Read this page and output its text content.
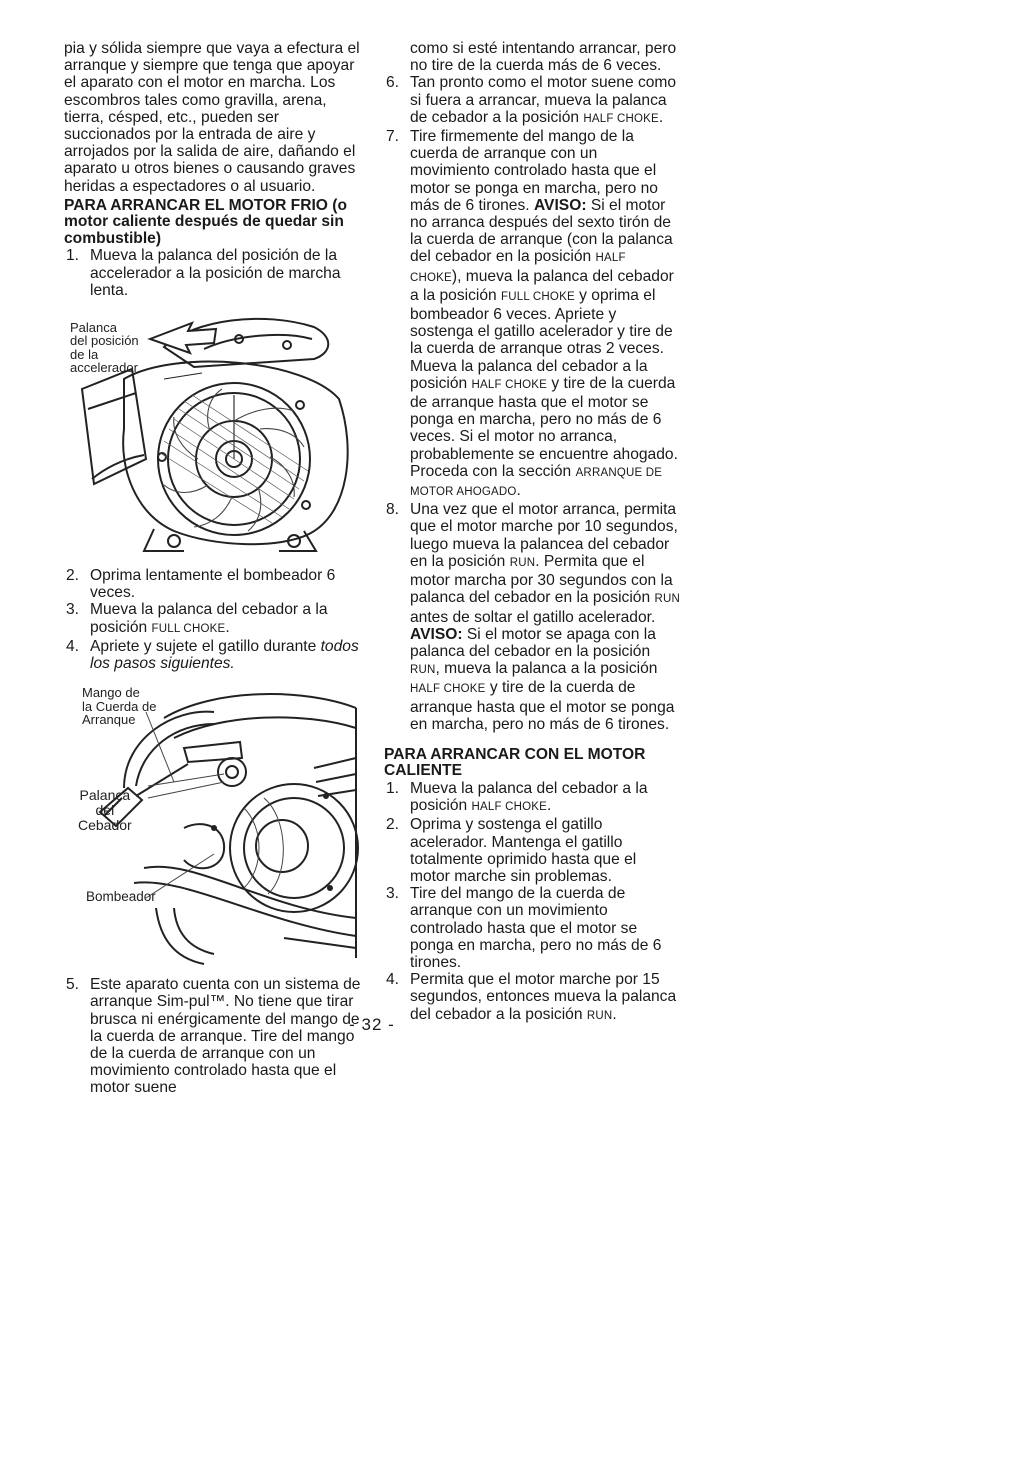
pia y sólida siempre que vaya a efectura el arranque y siempre que tenga que apoyar el aparato con el motor en marcha. Los escombros tales como gravilla, arena, tierra, césped, etc., pueden ser succionados por la entrada de aire y arrojados por la salida de aire, dañando el aparato u otros bienes o causando graves heridas a espectadores o al usuario.

PARA ARRANCAR EL MOTOR FRIO (o motor caliente después de quedar sin combustible)

1. Mueva la palanca del posición de la accelerador a la posición de marcha lenta.
Palanca
del posición
de la
accelerador
2. Oprima lentamente el bombeador 6 veces.
3. Mueva la palanca del cebador a la posición FULL CHOKE.
4. Apriete y sujete el gatillo durante todos los pasos siguientes.
Mango de
la Cuerda de
Arranque
Palanca
del
Cebador
Bombeador
5. Este aparato cuenta con un sistema de arranque Sim-pul™. No tiene que tirar brusca ni enérgicamente del mango de la cuerda de arranque. Tire del mango de la cuerda de arranque con un movimiento controlado hasta que el motor suene
como si esté intentando arrancar, pero no tire de la cuerda más de 6 veces.
6. Tan pronto como el motor suene como si fuera a arrancar, mueva la palanca de cebador a la posición HALF CHOKE.
7. Tire firmemente del mango de la cuerda de arranque con un movimiento controlado hasta que el motor se ponga en marcha, pero no más de 6 tirones. AVISO: Si el motor no arranca después del sexto tirón de la cuerda de arranque (con la palanca del cebador en la posición HALF CHOKE), mueva la palanca del cebador a la posición FULL CHOKE y oprima el bombeador 6 veces. Apriete y sostenga el gatillo acelerador y tire de la cuerda de arranque otras 2 veces. Mueva la palanca del cebador a la posición HALF CHOKE y tire de la cuerda de arranque hasta que el motor se ponga en marcha, pero no más de 6 veces. Si el motor no arranca, probablemente se encuentre ahogado. Proceda con la sección ARRANQUE DE MOTOR AHOGADO.
8. Una vez que el motor arranca, permita que el motor marche por 10 segundos, luego mueva la palancea del cebador en la posición RUN. Permita que el motor marcha por 30 segundos con la palanca del cebador en la posición RUN antes de soltar el gatillo acelerador. AVISO: Si el motor se apaga con la palanca del cebador en la posición RUN, mueva la palanca a la posición HALF CHOKE y tire de la cuerda de arranque hasta que el motor se ponga en marcha, pero no más de 6 tirones.

PARA ARRANCAR CON EL MOTOR CALIENTE

1. Mueva la palanca del cebador a la posición HALF CHOKE.
2. Oprima y sostenga el gatillo acelerador. Mantenga el gatillo totalmente oprimido hasta que el motor marche sin problemas.
3. Tire del mango de la cuerda de arranque con un movimiento controlado hasta que el motor se ponga en marcha, pero no más de 6 tirones.
4. Permita que el motor marche por 15 segundos, entonces mueva la palanca del cebador a la posición RUN.
- 32 -
